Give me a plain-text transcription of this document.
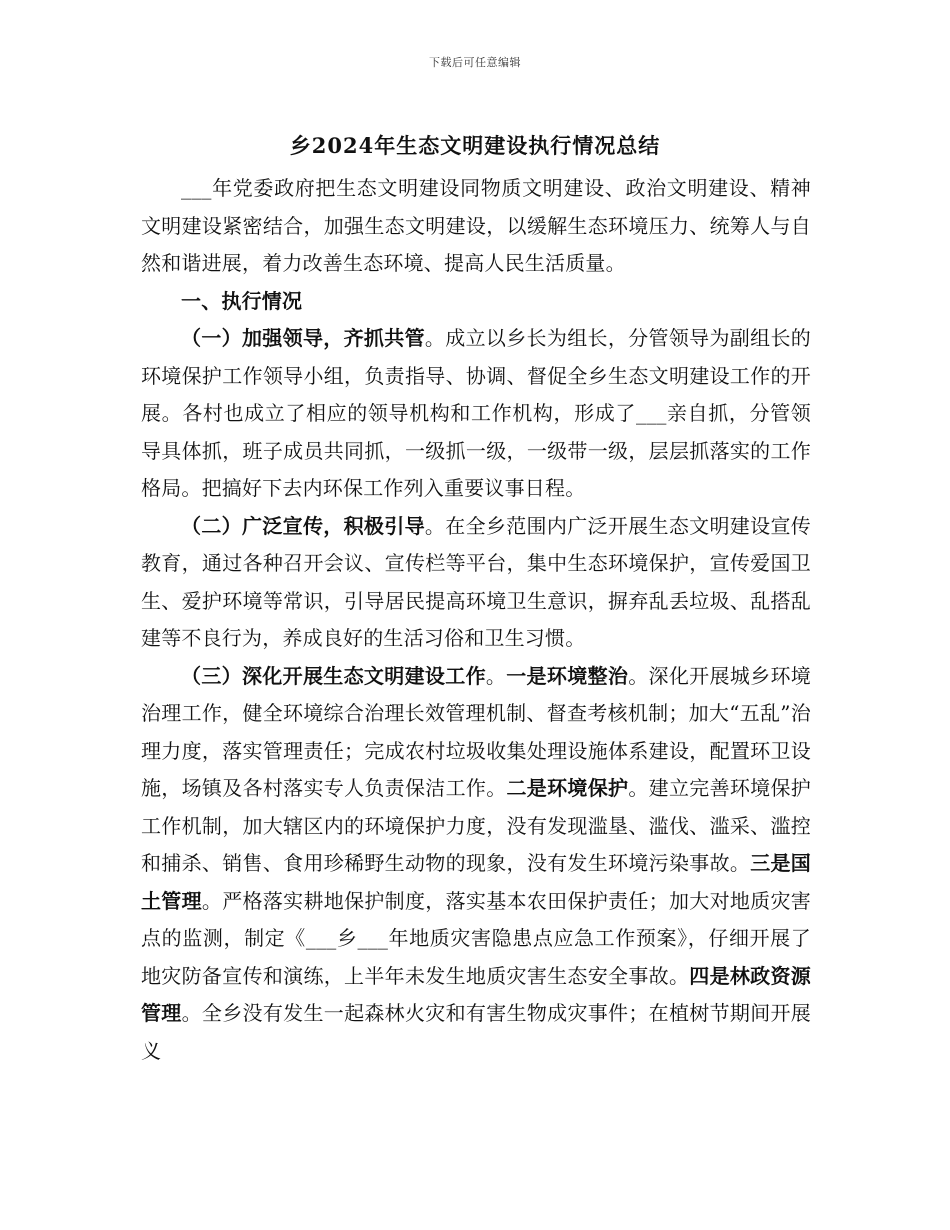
下载后可任意编辑
乡2024年生态文明建设执行情况总结

___年党委政府把生态文明建设同物质文明建设、政治文明建设、精神文明建设紧密结合，加强生态文明建设，以缓解生态环境压力、统筹人与自然和谐进展，着力改善生态环境、提高人民生活质量。

一、执行情况

（一）加强领导，齐抓共管。成立以乡长为组长，分管领导为副组长的环境保护工作领导小组，负责指导、协调、督促全乡生态文明建设工作的开展。各村也成立了相应的领导机构和工作机构，形成了___亲自抓，分管领导具体抓，班子成员共同抓，一级抓一级，一级带一级，层层抓落实的工作格局。把搞好下去内环保工作列入重要议事日程。

（二）广泛宣传，积极引导。在全乡范围内广泛开展生态文明建设宣传教育，通过各种召开会议、宣传栏等平台，集中生态环境保护，宣传爱国卫生、爱护环境等常识，引导居民提高环境卫生意识，摒弃乱丢垃圾、乱搭乱建等不良行为，养成良好的生活习俗和卫生习惯。

（三）深化开展生态文明建设工作。一是环境整治。深化开展城乡环境治理工作，健全环境综合治理长效管理机制、督查考核机制；加大“五乱”治理力度，落实管理责任；完成农村垃圾收集处理设施体系建设，配置环卫设施，场镇及各村落实专人负责保洁工作。二是环境保护。建立完善环境保护工作机制，加大辖区内的环境保护力度，没有发现滥垦、滥伐、滥采、滥控和捕杀、销售、食用珍稀野生动物的现象，没有发生环境污染事故。三是国土管理。严格落实耕地保护制度，落实基本农田保护责任；加大对地质灾害点的监测，制定《___乡___年地质灾害隐患点应急工作预案》，仔细开展了地灾防备宣传和演练，上半年未发生地质灾害生态安全事故。四是林政资源管理。全乡没有发生一起森林火灾和有害生物成灾事件；在植树节期间开展义
